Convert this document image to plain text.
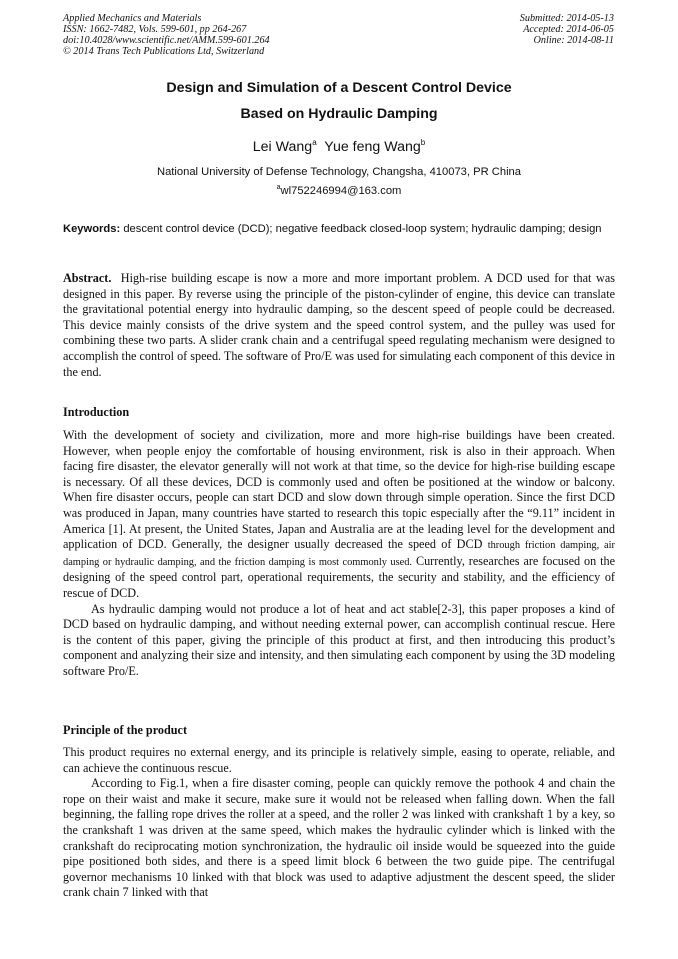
Applied Mechanics and Materials
ISSN: 1662-7482, Vols. 599-601, pp 264-267
doi:10.4028/www.scientific.net/AMM.599-601.264
© 2014 Trans Tech Publications Ltd, Switzerland
Submitted: 2014-05-13
Accepted: 2014-06-05
Online: 2014-08-11
Design and Simulation of a Descent Control Device
Based on Hydraulic Damping
Lei Wang$^a$ Yue feng Wang$^b$
National University of Defense Technology, Changsha, 410073, PR China
$^a$wl752246994@163.com
Keywords: descent control device (DCD); negative feedback closed-loop system; hydraulic damping; design

Abstract. High-rise building escape is now a more and more important problem. A DCD used for that was designed in this paper. By reverse using the principle of the piston-cylinder of engine, this device can translate the gravitational potential energy into hydraulic damping, so the descent speed of people could be decreased. This device mainly consists of the drive system and the speed control system, and the pulley was used for combining these two parts. A slider crank chain and a centrifugal speed regulating mechanism were designed to accomplish the control of speed. The software of Pro/E was used for simulating each component of this device in the end.

Introduction

With the development of society and civilization, more and more high-rise buildings have been created. However, when people enjoy the comfortable of housing environment, risk is also in their approach. When facing fire disaster, the elevator generally will not work at that time, so the device for high-rise building escape is necessary. Of all these devices, DCD is commonly used and often be positioned at the window or balcony. When fire disaster occurs, people can start DCD and slow down through simple operation. Since the first DCD was produced in Japan, many countries have started to research this topic especially after the “9.11” incident in America [1]. At present, the United States, Japan and Australia are at the leading level for the development and application of DCD. Generally, the designer usually decreased the speed of DCD through friction damping, air damping or hydraulic damping, and the friction damping is most commonly used. Currently, researches are focused on the designing of the speed control part, operational requirements, the security and stability, and the efficiency of rescue of DCD.

As hydraulic damping would not produce a lot of heat and act stable[2-3], this paper proposes a kind of DCD based on hydraulic damping, and without needing external power, can accomplish continual rescue. Here is the content of this paper, giving the principle of this product at first, and then introducing this product’s component and analyzing their size and intensity, and then simulating each component by using the 3D modeling software Pro/E.

Principle of the product

This product requires no external energy, and its principle is relatively simple, easing to operate, reliable, and can achieve the continuous rescue.

According to Fig.1, when a fire disaster coming, people can quickly remove the pothook 4 and chain the rope on their waist and make it secure, make sure it would not be released when falling down. When the fall beginning, the falling rope drives the roller at a speed, and the roller 2 was linked with crankshaft 1 by a key, so the crankshaft 1 was driven at the same speed, which makes the hydraulic cylinder which is linked with the crankshaft do reciprocating motion synchronization, the hydraulic oil inside would be squeezed into the guide pipe positioned both sides, and there is a speed limit block 6 between the two guide pipe. The centrifugal governor mechanisms 10 linked with that block was used to adaptive adjustment the descent speed, the slider crank chain 7 linked with that
